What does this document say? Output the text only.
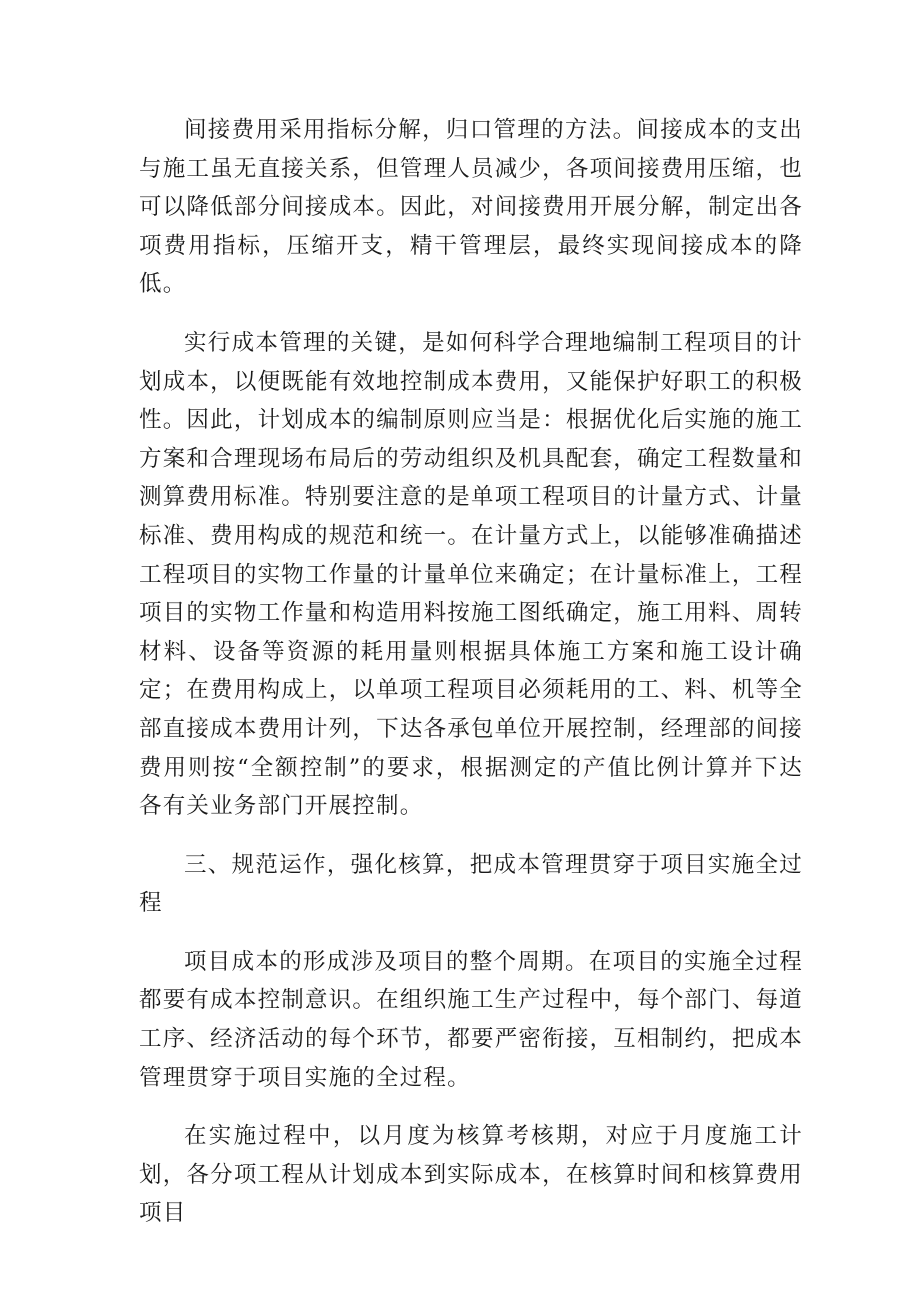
间接费用采用指标分解，归口管理的方法。间接成本的支出与施工虽无直接关系，但管理人员减少，各项间接费用压缩，也可以降低部分间接成本。因此，对间接费用开展分解，制定出各项费用指标，压缩开支，精干管理层，最终实现间接成本的降低。

实行成本管理的关键，是如何科学合理地编制工程项目的计划成本，以便既能有效地控制成本费用，又能保护好职工的积极性。因此，计划成本的编制原则应当是：根据优化后实施的施工方案和合理现场布局后的劳动组织及机具配套，确定工程数量和测算费用标准。特别要注意的是单项工程项目的计量方式、计量标准、费用构成的规范和统一。在计量方式上，以能够准确描述工程项目的实物工作量的计量单位来确定；在计量标准上，工程项目的实物工作量和构造用料按施工图纸确定，施工用料、周转材料、设备等资源的耗用量则根据具体施工方案和施工设计确定；在费用构成上，以单项工程项目必须耗用的工、料、机等全部直接成本费用计列，下达各承包单位开展控制，经理部的间接费用则按“全额控制”的要求，根据测定的产值比例计算并下达各有关业务部门开展控制。

三、规范运作，强化核算，把成本管理贯穿于项目实施全过程

项目成本的形成涉及项目的整个周期。在项目的实施全过程都要有成本控制意识。在组织施工生产过程中，每个部门、每道工序、经济活动的每个环节，都要严密衔接，互相制约，把成本管理贯穿于项目实施的全过程。

在实施过程中，以月度为核算考核期，对应于月度施工计划，各分项工程从计划成本到实际成本，在核算时间和核算费用项目
